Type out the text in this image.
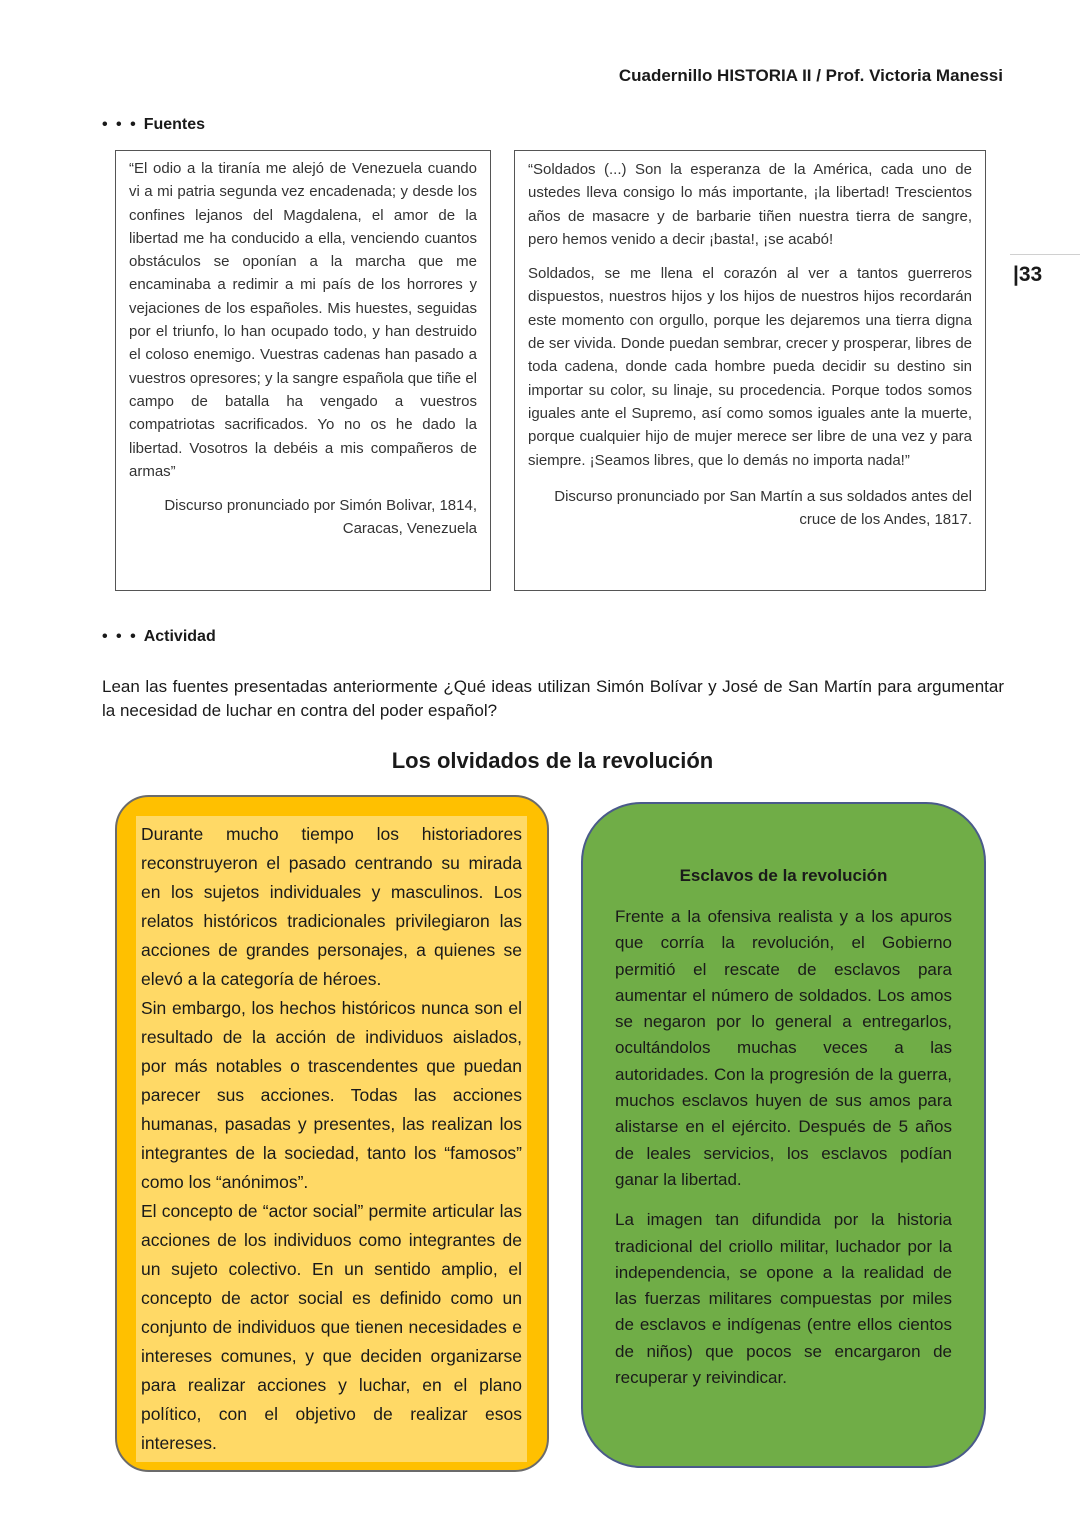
Cuadernillo HISTORIA II / Prof. Victoria Manessi
|33
• • • Fuentes

“El odio a la tiranía me alejó de Venezuela cuando vi a mi patria segunda vez encadenada; y desde los confines lejanos del Magdalena, el amor de la libertad me ha conducido a ella, venciendo cuantos obstáculos se oponían a la marcha que me encaminaba a redimir a mi país de los horrores y vejaciones de los españoles. Mis huestes, seguidas por el triunfo, lo han ocupado todo, y han destruido el coloso enemigo. Vuestras cadenas han pasado a vuestros opresores; y la sangre española que tiñe el campo de batalla ha vengado a vuestros compatriotas sacrificados. Yo no os he dado la libertad. Vosotros la debéis a mis compañeros de armas”

Discurso pronunciado por Simón Bolivar, 1814,
Caracas, Venezuela

“Soldados (...) Son la esperanza de la América, cada uno de ustedes lleva consigo lo más importante, ¡la libertad! Trescientos años de masacre y de barbarie tiñen nuestra tierra de sangre, pero hemos venido a decir ¡basta!, ¡se acabó!

Soldados, se me llena el corazón al ver a tantos guerreros dispuestos, nuestros hijos y los hijos de nuestros hijos recordarán este momento con orgullo, porque les dejaremos una tierra digna de ser vivida. Donde puedan sembrar, crecer y prosperar, libres de toda cadena, donde cada hombre pueda decidir su destino sin importar su color, su linaje, su procedencia. Porque todos somos iguales ante el Supremo, así como somos iguales ante la muerte, porque cualquier hijo de mujer merece ser libre de una vez y para siempre. ¡Seamos libres, que lo demás no importa nada!”

Discurso pronunciado por San Martín a sus soldados antes del
cruce de los Andes, 1817.

• • • Actividad

Lean las fuentes presentadas anteriormente ¿Qué ideas utilizan Simón Bolívar y José de San Martín para argumentar la necesidad de luchar en contra del poder español?

Los olvidados de la revolución
Durante mucho tiempo los historiadores reconstruyeron el pasado centrando su mirada en los sujetos individuales y masculinos. Los relatos históricos tradicionales privilegiaron las acciones de grandes personajes, a quienes se elevó a la categoría de héroes.
Sin embargo, los hechos históricos nunca son el resultado de la acción de individuos aislados, por más notables o trascendentes que puedan parecer sus acciones. Todas las acciones humanas, pasadas y presentes, las realizan los integrantes de la sociedad, tanto los “famosos” como los “anónimos”.
El concepto de “actor social” permite articular las acciones de los individuos como integrantes de un sujeto colectivo. En un sentido amplio, el concepto de actor social es definido como un conjunto de individuos que tienen necesidades e intereses comunes, y que deciden organizarse para realizar acciones y luchar, en el plano político, con el objetivo de realizar esos intereses.
Esclavos de la revolución

Frente a la ofensiva realista y a los apuros que corría la revolución, el Gobierno permitió el rescate de esclavos para aumentar el número de soldados. Los amos se negaron por lo general a entregarlos, ocultándolos muchas veces a las autoridades. Con la progresión de la guerra, muchos esclavos huyen de sus amos para alistarse en el ejército. Después de 5 años de leales servicios, los esclavos podían ganar la libertad.

La imagen tan difundida por la historia tradicional del criollo militar, luchador por la independencia, se opone a la realidad de las fuerzas militares compuestas por miles de esclavos e indígenas (entre ellos cientos de niños) que pocos se encargaron de recuperar y reivindicar.
